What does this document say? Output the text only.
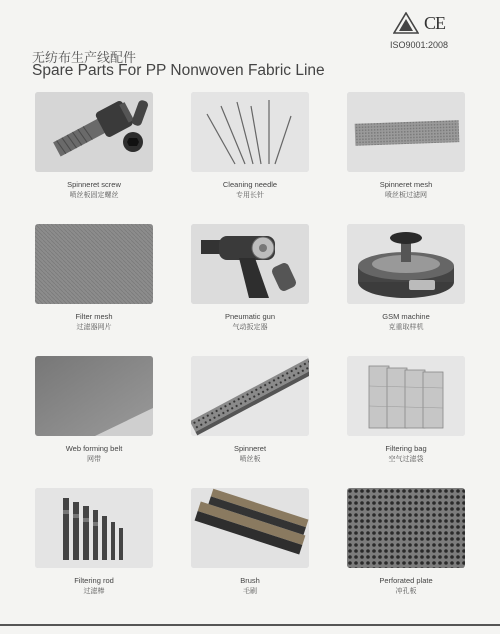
CE
ISO9001:2008
无纺布生产线配件
Spare Parts For PP Nonwoven Fabric Line
Spinneret screw
喷丝板固定螺丝
Cleaning needle
专用长针
Spinneret mesh
喷丝板过滤网
Filter mesh
过滤器网片
Pneumatic gun
气动扳定器
GSM machine
克重取样机
Web forming belt
网带
Spinneret
喷丝板
Filtering bag
空气过滤袋
Filtering rod
过滤棒
Brush
毛刷
Perforated plate
冲孔板
